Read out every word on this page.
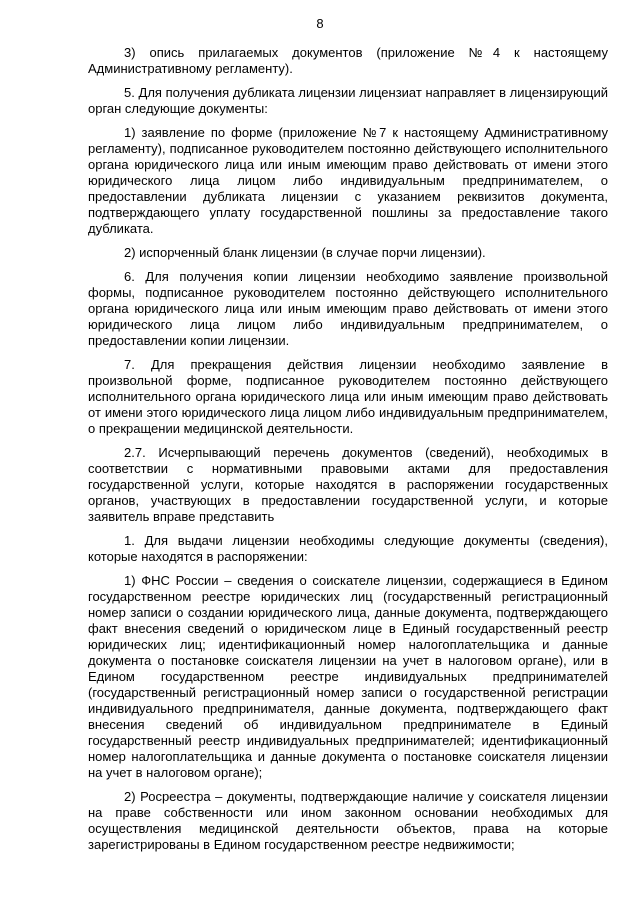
8

3) опись прилагаемых документов (приложение №4 к настоящему Административному регламенту).

5. Для получения дубликата лицензии лицензиат направляет в лицензирующий орган следующие документы:

1) заявление по форме (приложение №7 к настоящему Административному регламенту), подписанное руководителем постоянно действующего исполнительного органа юридического лица или иным имеющим право действовать от имени этого юридического лица лицом либо индивидуальным предпринимателем, о предоставлении дубликата лицензии с указанием реквизитов документа, подтверждающего уплату государственной пошлины за предоставление такого дубликата.

2) испорченный бланк лицензии (в случае порчи лицензии).

6. Для получения копии лицензии необходимо заявление произвольной формы, подписанное руководителем постоянно действующего исполнительного органа юридического лица или иным имеющим право действовать от имени этого юридического лица лицом либо индивидуальным предпринимателем, о предоставлении копии лицензии.

7. Для прекращения действия лицензии необходимо заявление в произвольной форме, подписанное руководителем постоянно действующего исполнительного органа юридического лица или иным имеющим право действовать от имени этого юридического лица лицом либо индивидуальным предпринимателем, о прекращении медицинской деятельности.

2.7. Исчерпывающий перечень документов (сведений), необходимых в соответствии с нормативными правовыми актами для предоставления государственной услуги, которые находятся в распоряжении государственных органов, участвующих в предоставлении государственной услуги, и которые заявитель вправе представить

1. Для выдачи лицензии необходимы следующие документы (сведения), которые находятся в распоряжении:

1) ФНС России – сведения о соискателе лицензии, содержащиеся в Едином государственном реестре юридических лиц (государственный регистрационный номер записи о создании юридического лица, данные документа, подтверждающего факт внесения сведений о юридическом лице в Единый государственный реестр юридических лиц; идентификационный номер налогоплательщика и данные документа о постановке соискателя лицензии на учет в налоговом органе), или в Едином государственном реестре индивидуальных предпринимателей (государственный регистрационный номер записи о государственной регистрации индивидуального предпринимателя, данные документа, подтверждающего факт внесения сведений об индивидуальном предпринимателе в Единый государственный реестр индивидуальных предпринимателей; идентификационный номер налогоплательщика и данные документа о постановке соискателя лицензии на учет в налоговом органе);

2) Росреестра – документы, подтверждающие наличие у соискателя лицензии на праве собственности или ином законном основании необходимых для осуществления медицинской деятельности объектов, права на которые зарегистрированы в Едином государственном реестре недвижимости;
